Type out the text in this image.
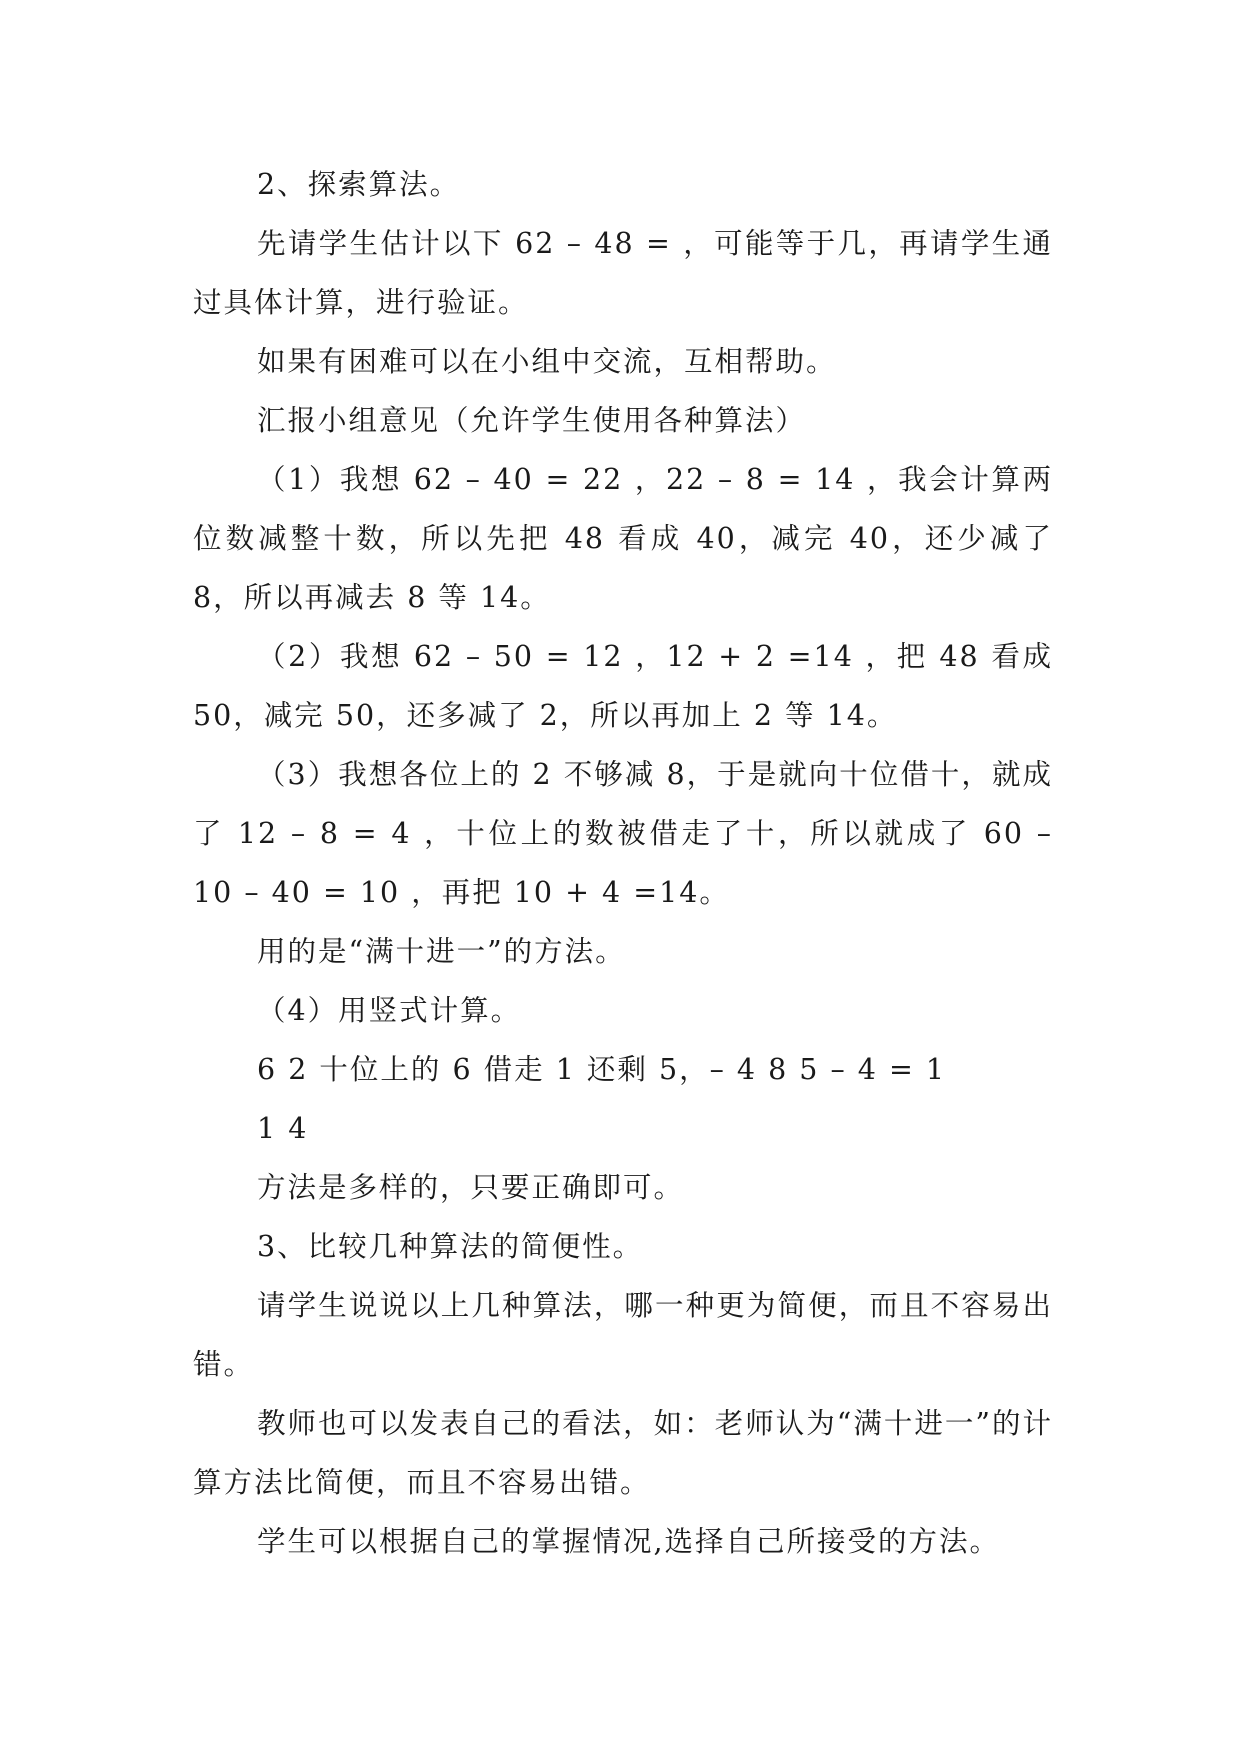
2、探索算法。

先请学生估计以下 62 – 48 = ，可能等于几，再请学生通过具体计算，进行验证。

如果有困难可以在小组中交流，互相帮助。

汇报小组意见（允许学生使用各种算法）

（1）我想 62 – 40 = 22 ，22 – 8 = 14 ，我会计算两位数减整十数，所以先把 48 看成 40，减完 40，还少减了 8，所以再减去 8 等 14。

（2）我想 62 – 50 = 12 ，12 + 2 =14 ，把 48 看成 50，减完 50，还多减了 2，所以再加上 2 等 14。

（3）我想各位上的 2 不够减 8，于是就向十位借十，就成了 12 – 8 = 4 ，十位上的数被借走了十，所以就成了 60 – 10 – 40 = 10 ，再把 10 + 4 =14。

用的是“满十进一”的方法。

（4）用竖式计算。

6 2 十位上的 6 借走 1 还剩 5，– 4 8 5 – 4 = 1

1 4

方法是多样的，只要正确即可。

3、比较几种算法的简便性。

请学生说说以上几种算法，哪一种更为简便，而且不容易出错。

教师也可以发表自己的看法，如：老师认为“满十进一”的计算方法比简便，而且不容易出错。

学生可以根据自己的掌握情况,选择自己所接受的方法。
